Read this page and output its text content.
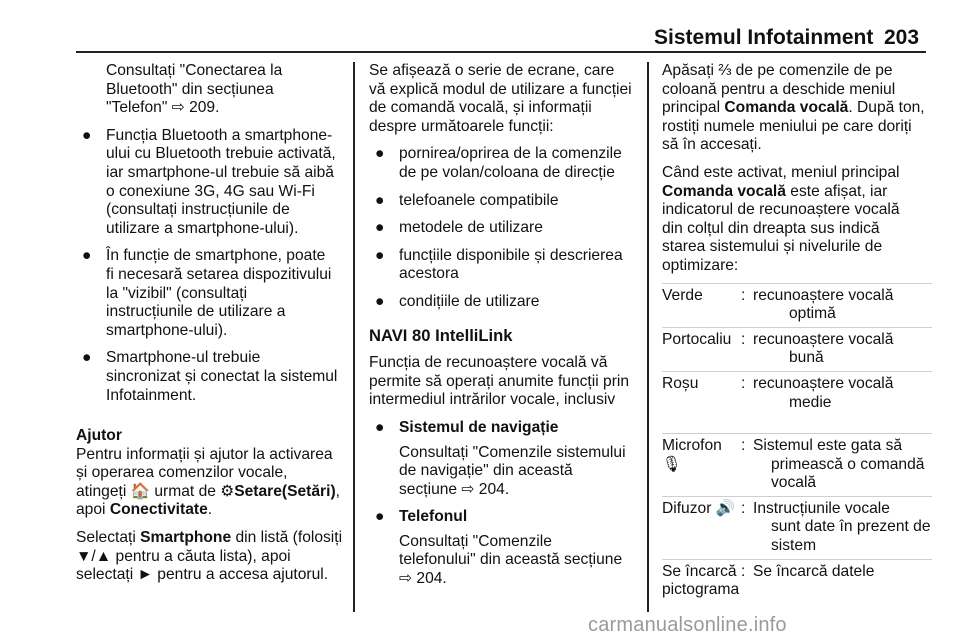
Sistemul Infotainment 203

Consultați "Conectarea la

Bluetooth" din secțiunea

"Telefon" ⇨ 209.

● Funcția Bluetooth a smartphone-

ului cu Bluetooth trebuie activată,

iar smartphone-ul trebuie să aibă

o conexiune 3G, 4G sau Wi-Fi

(consultați instrucțiunile de

utilizare a smartphone-ului).

● În funcție de smartphone, poate

fi necesară setarea dispozitivului

la "vizibil" (consultați

instrucțiunile de utilizare a

smartphone-ului).

● Smartphone-ul trebuie

sincronizat și conectat la sistemul

Infotainment.

Ajutor

Pentru informații și ajutor la activarea

și operarea comenzilor vocale,

atingeți 🏠 urmat de ⚙Setare(Setări),

apoi Conectivitate.

Selectați Smartphone din listă (folosiți

▼/▲ pentru a căuta lista), apoi

selectați ► pentru a accesa ajutorul.

Se afișează o serie de ecrane, care

vă explică modul de utilizare a funcției

de comandă vocală, și informații

despre următoarele funcții:

● pornirea/oprirea de la comenzile

de pe volan/coloana de direcție

● telefoanele compatibile

● metodele de utilizare

● funcțiile disponibile și descrierea

acestora

● condițiile de utilizare

NAVI 80 IntelliLink

Funcția de recunoaștere vocală vă

permite să operați anumite funcții prin

intermediul intrărilor vocale, inclusiv

● Sistemul de navigație

Consultați "Comenzile sistemului

de navigație" din această

secțiune ⇨ 204.

● Telefonul

Consultați "Comenzile

telefonului" din această secțiune

⇨ 204.

Apăsați ⅔ de pe comenzile de pe

coloană pentru a deschide meniul

principal Comanda vocală. După ton,

rostiți numele meniului pe care doriți

să în accesați.

Când este activat, meniul principal

Comanda vocală este afișat, iar

indicatorul de recunoaștere vocală

din colțul din dreapta sus indică

starea sistemului și nivelurile de

optimizare:

Verde	: recunoaștere vocală

optimă

Portocaliu : recunoaștere vocală

bună

Roșu	: recunoaștere vocală

medie

Microfon 🎙
: Sistemul este gata să

primească o comandă

vocală

Difuzor 🔊 : Instrucțiunile vocale

sunt date în prezent de

sistem

Se încarcă

pictograma

: Se încarcă datele

carmanualsonline.info
